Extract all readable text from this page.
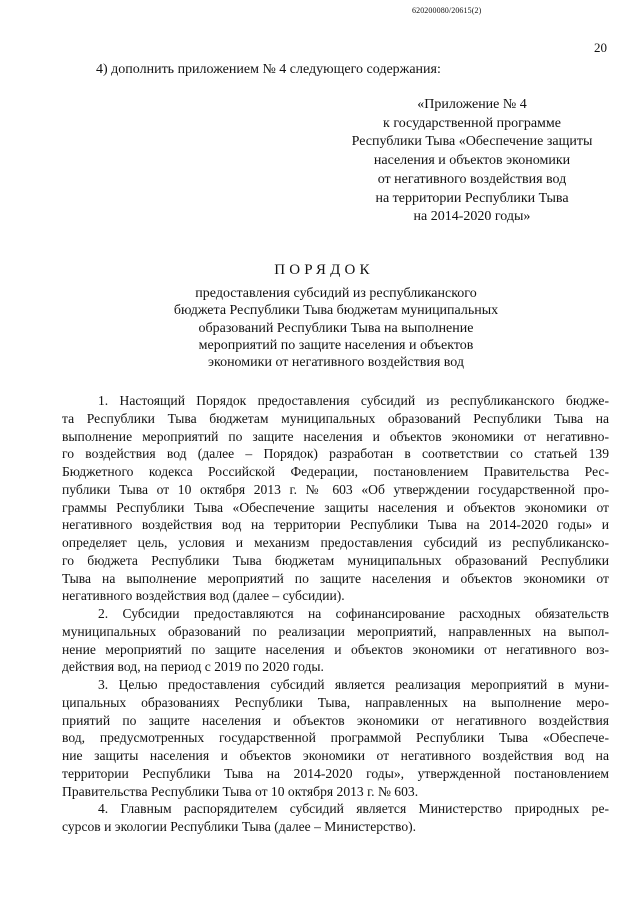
620200080/20615(2)
20
4) дополнить приложением № 4 следующего содержания:
«Приложение № 4
к государственной программе
Республики Тыва «Обеспечение защиты
населения и объектов экономики
от негативного воздействия вод
на территории Республики Тыва
на 2014-2020 годы»
ПОРЯДОК
предоставления субсидий из республиканского
бюджета Республики Тыва бюджетам муниципальных
образований Республики Тыва на выполнение
мероприятий по защите населения и объектов
экономики от негативного воздействия вод
1. Настоящий Порядок предоставления субсидий из республиканского бюдже-
та Республики Тыва бюджетам муниципальных образований Республики Тыва на
выполнение мероприятий по защите населения и объектов экономики от негативно-
го воздействия вод (далее – Порядок) разработан в соответствии со статьей 139
Бюджетного кодекса Российской Федерации, постановлением Правительства Рес-
публики Тыва от 10 октября 2013 г. № 603 «Об утверждении государственной про-
граммы Республики Тыва «Обеспечение защиты населения и объектов экономики от
негативного воздействия вод на территории Республики Тыва на 2014-2020 годы» и
определяет цель, условия и механизм предоставления субсидий из республиканско-
го бюджета Республики Тыва бюджетам муниципальных образований Республики
Тыва на выполнение мероприятий по защите населения и объектов экономики от
негативного воздействия вод (далее – субсидии).
2. Субсидии предоставляются на софинансирование расходных обязательств
муниципальных образований по реализации мероприятий, направленных на выпол-
нение мероприятий по защите населения и объектов экономики от негативного воз-
действия вод, на период с 2019 по 2020 годы.
3. Целью предоставления субсидий является реализация мероприятий в муни-
ципальных образованиях Республики Тыва, направленных на выполнение меро-
приятий по защите населения и объектов экономики от негативного воздействия
вод, предусмотренных государственной программой Республики Тыва «Обеспече-
ние защиты населения и объектов экономики от негативного воздействия вод на
территории Республики Тыва на 2014-2020 годы», утвержденной постановлением
Правительства Республики Тыва от 10 октября 2013 г. № 603.
4. Главным распорядителем субсидий является Министерство природных ре-
сурсов и экологии Республики Тыва (далее – Министерство).
